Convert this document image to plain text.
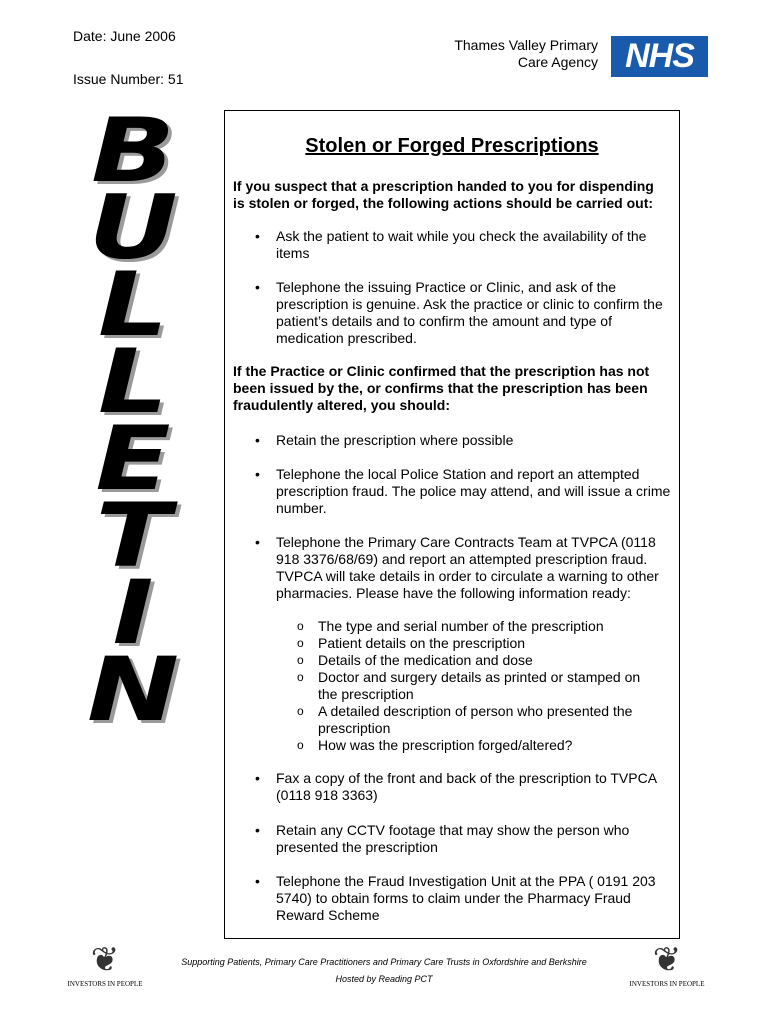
Date: June 2006
Issue Number: 51
Thames Valley Primary
Care Agency NHS
B
U
L
L
E
T
I
N
Stolen or Forged Prescriptions
If you suspect that a prescription handed to you for dispending is stolen or forged, the following actions should be carried out:
• Ask the patient to wait while you check the availability of the items
• Telephone the issuing Practice or Clinic, and ask of the prescription is genuine. Ask the practice or clinic to confirm the patient’s details and to confirm the amount and type of medication prescribed.
If the Practice or Clinic confirmed that the prescription has not been issued by the, or confirms that the prescription has been fraudulently altered, you should:
• Retain the prescription where possible
• Telephone the local Police Station and report an attempted prescription fraud. The police may attend, and will issue a crime number.
• Telephone the Primary Care Contracts Team at TVPCA (0118 918 3376/68/69) and report an attempted prescription fraud. TVPCA will take details in order to circulate a warning to other pharmacies. Please have the following information ready:
o The type and serial number of the prescription
o Patient details on the prescription
o Details of the medication and dose
o Doctor and surgery details as printed or stamped on the prescription
o A detailed description of person who presented the prescription
o How was the prescription forged/altered?
• Fax a copy of the front and back of the prescription to TVPCA (0118 918 3363)
• Retain any CCTV footage that may show the person who presented the prescription
• Telephone the Fraud Investigation Unit at the PPA ( 0191 203 5740) to obtain forms to claim under the Pharmacy Fraud Reward Scheme
❦
INVESTORS IN PEOPLE
❦
INVESTORS IN PEOPLE
Supporting Patients, Primary Care Practitioners and Primary Care Trusts in Oxfordshire and Berkshire
Hosted by Reading PCT
